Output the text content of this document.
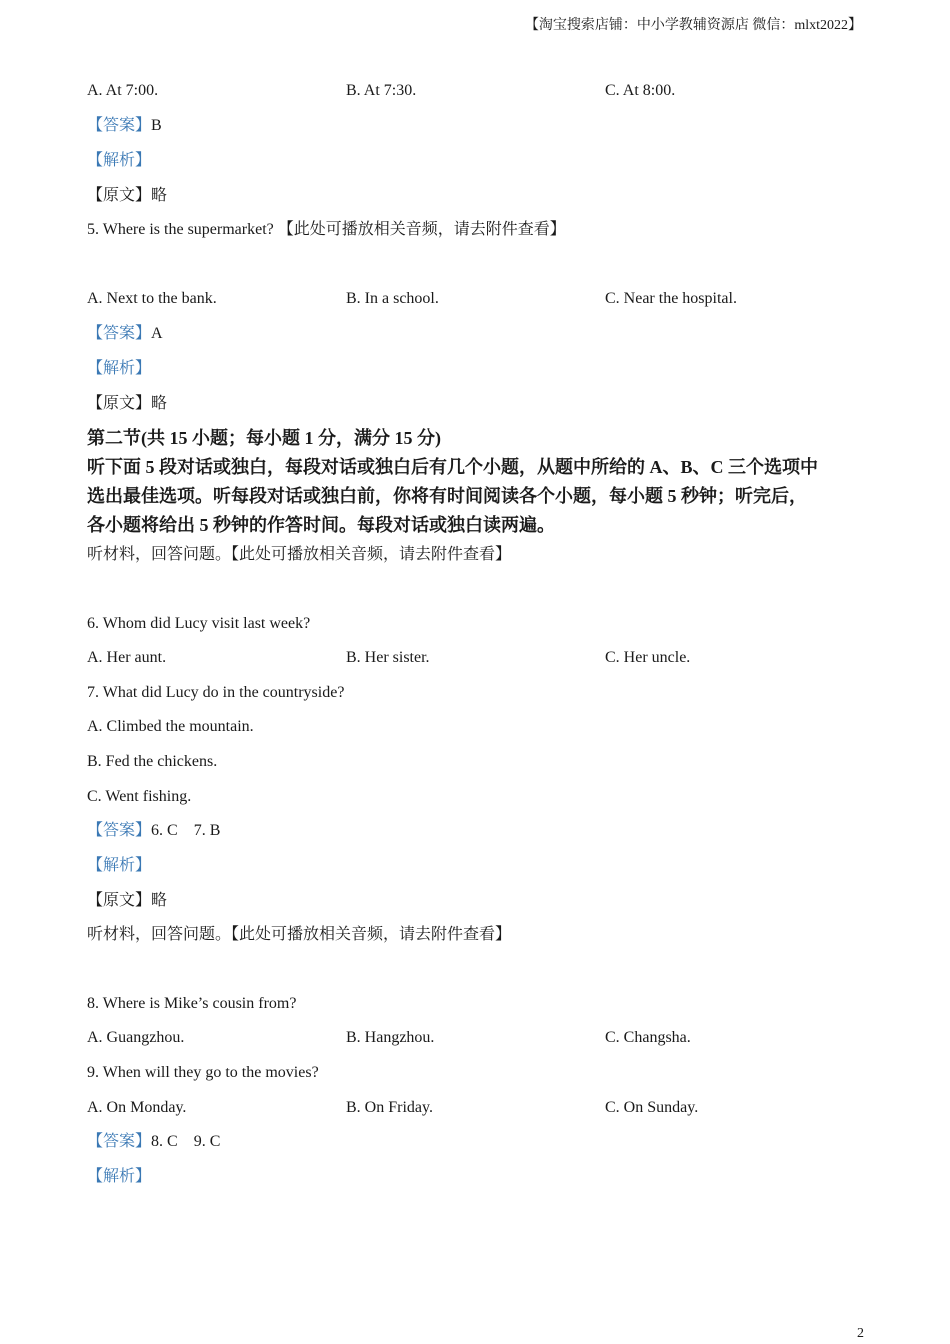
【淘宝搜索店铺：中小学教辅资源店 微信：mlxt2022】
A. At 7:00.	B. At 7:30.	C. At 8:00.
【答案】B
【解析】
【原文】略
5. Where is the supermarket? 【此处可播放相关音频，请去附件查看】
A. Next to the bank.	B. In a school.	C. Near the hospital.
【答案】A
【解析】
【原文】略
第二节(共 15 小题；每小题 1 分，满分 15 分)
听下面 5 段对话或独白，每段对话或独白后有几个小题，从题中所给的 A、B、C 三个选项中
选出最佳选项。听每段对话或独白前，你将有时间阅读各个小题，每小题 5 秒钟；听完后，
各小题将给出 5 秒钟的作答时间。每段对话或独白读两遍。
听材料，回答问题。【此处可播放相关音频，请去附件查看】
6. Whom did Lucy visit last week?
A. Her aunt.	B. Her sister.	C. Her uncle.
7. What did Lucy do in the countryside?
A. Climbed the mountain.
B. Fed the chickens.
C. Went fishing.
【答案】6. C    7. B
【解析】
【原文】略
听材料，回答问题。【此处可播放相关音频，请去附件查看】
8. Where is Mike’s cousin from?
A. Guangzhou.	B. Hangzhou.	C. Changsha.
9. When will they go to the movies?
A. On Monday.	B. On Friday.	C. On Sunday.
【答案】8. C    9. C
【解析】
2
